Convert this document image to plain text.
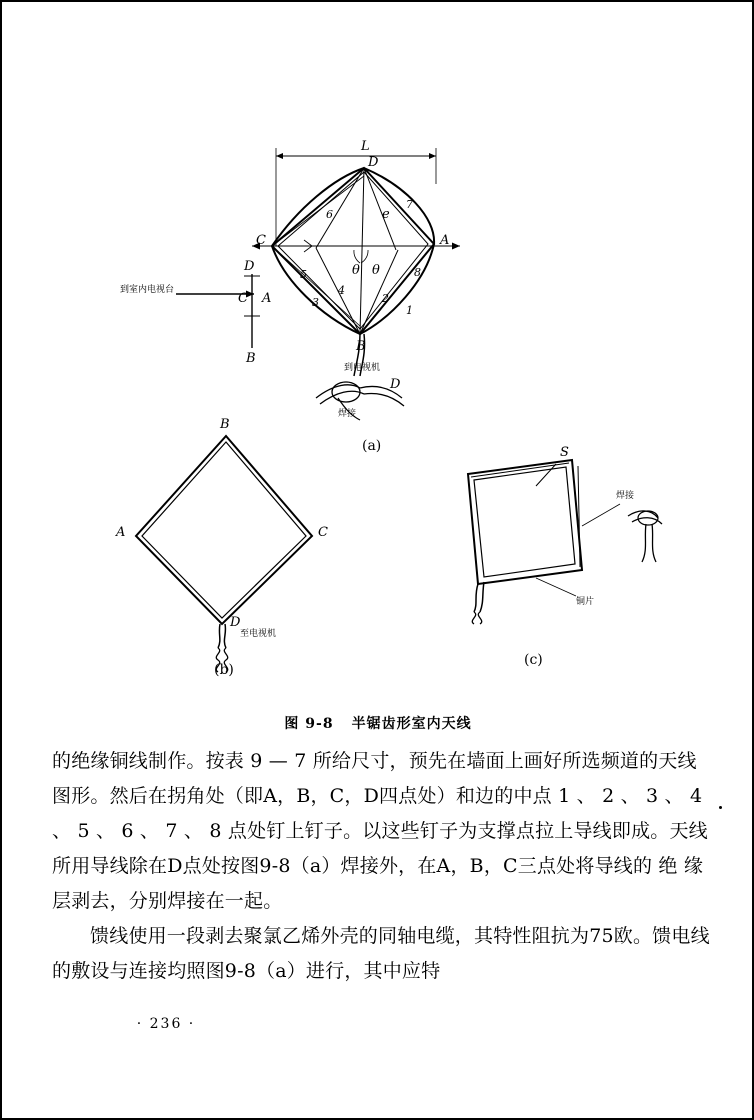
L
D
C	A
B
5
6
7
8
3
4
2
1
e
θ θ
到室内电视台
D
C A
B
到电视机
焊接
D
(a)
B
A	C
D
至电视机
(b)
S
焊接
铜片
(c)
图 9-8 半锯齿形室内天线

的绝缘铜线制作。按表 9 — 7 所给尺寸，预先在墙面上画好所选频道的天线图形。然后在拐角处（即A，B，C，D四点处）和边的中点 1 、 2 、 3 、 4 、 5 、 6 、 7 、 8 点处钉上钉子。以这些钉子为支撑点拉上导线即成。天线所用导线除在D点处按图9-8（a）焊接外，在A，B，C三点处将导线的 绝 缘 层剥去，分别焊接在一起。

馈线使用一段剥去聚氯乙烯外壳的同轴电缆，其特性阻抗为75欧。馈电线的敷设与连接均照图9-8（a）进行，其中应特

· 236 ·
